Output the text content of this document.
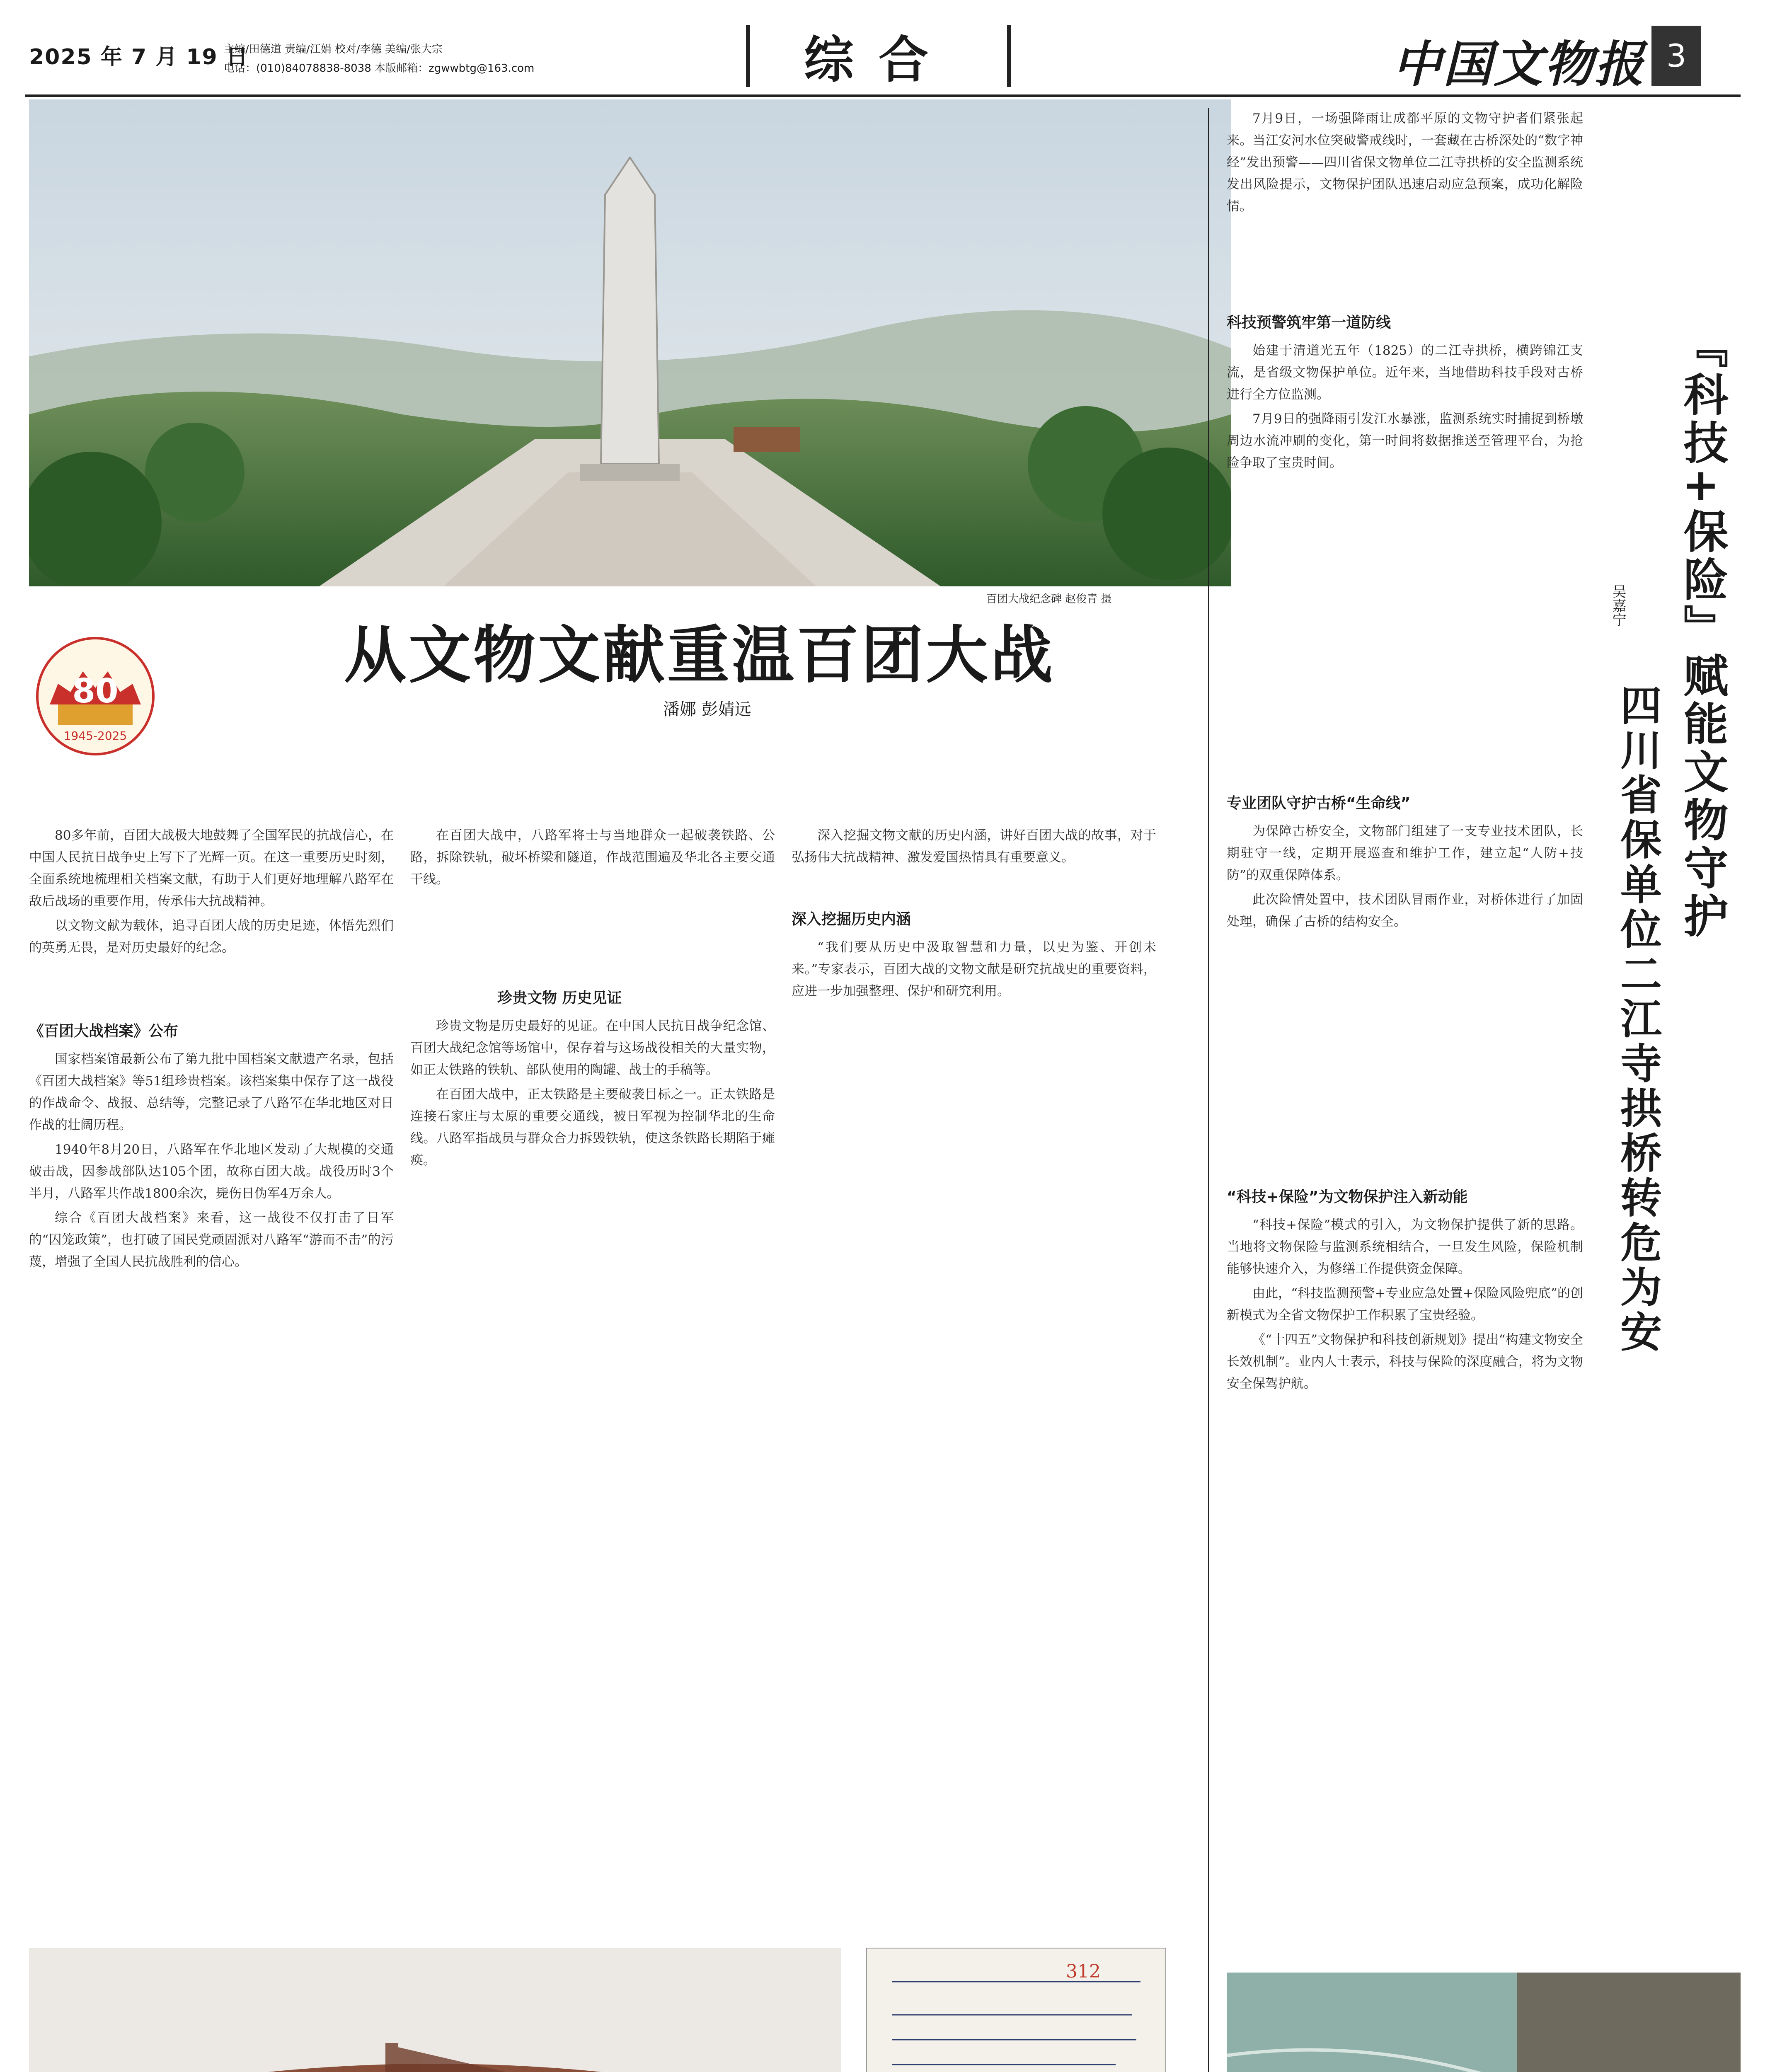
2025 年 7 月 19 日
主编/田德道 责编/江娟 校对/李德 美编/张大宗
电话：(010)84078838-8038 本版邮箱：zgwwbtg@163.com	综合	中国文物报 3
百团大战纪念碑 赵俊青 摄
80
1945-2025
从文物文献重温百团大战
潘娜 彭婧远

80多年前，百团大战极大地鼓舞了全国军民的抗战信心，在中国人民抗日战争史上写下了光辉一页。在这一重要历史时刻，全面系统地梳理相关档案文献，有助于人们更好地理解八路军在敌后战场的重要作用，传承伟大抗战精神。

以文物文献为载体，追寻百团大战的历史足迹，体悟先烈们的英勇无畏，是对历史最好的纪念。

《百团大战档案》公布

国家档案馆最新公布了第九批中国档案文献遗产名录，包括《百团大战档案》等51组珍贵档案。该档案集中保存了这一战役的作战命令、战报、总结等，完整记录了八路军在华北地区对日作战的壮阔历程。

1940年8月20日，八路军在华北地区发动了大规模的交通破击战，因参战部队达105个团，故称百团大战。战役历时3个半月，八路军共作战1800余次，毙伤日伪军4万余人。

综合《百团大战档案》来看，这一战役不仅打击了日军的“囚笼政策”，也打破了国民党顽固派对八路军“游而不击”的污蔑，增强了全国人民抗战胜利的信心。

在百团大战中，八路军将士与当地群众一起破袭铁路、公路，拆除铁轨，破坏桥梁和隧道，作战范围遍及华北各主要交通干线。

珍贵文物 历史见证

珍贵文物是历史最好的见证。在中国人民抗日战争纪念馆、百团大战纪念馆等场馆中，保存着与这场战役相关的大量实物，如正太铁路的铁轨、部队使用的陶罐、战士的手稿等。

在百团大战中，正太铁路是主要破袭目标之一。正太铁路是连接石家庄与太原的重要交通线，被日军视为控制华北的生命线。八路军指战员与群众合力拆毁铁轨，使这条铁路长期陷于瘫痪。

深入挖掘文物文献的历史内涵，讲好百团大战的故事，对于弘扬伟大抗战精神、激发爱国热情具有重要意义。

深入挖掘历史内涵

“我们要从历史中汲取智慧和力量，以史为鉴、开创未来。”专家表示，百团大战的文物文献是研究抗战史的重要资料，应进一步加强整理、保护和研究利用。

312

7月9日，一场强降雨让成都平原的文物守护者们紧张起来。当江安河水位突破警戒线时，一套藏在古桥深处的“数字神经”发出预警——四川省保文物单位二江寺拱桥的安全监测系统发出风险提示，文物保护团队迅速启动应急预案，成功化解险情。

科技预警筑牢第一道防线

始建于清道光五年（1825）的二江寺拱桥，横跨锦江支流，是省级文物保护单位。近年来，当地借助科技手段对古桥进行全方位监测。

7月9日的强降雨引发江水暴涨，监测系统实时捕捉到桥墩周边水流冲刷的变化，第一时间将数据推送至管理平台，为抢险争取了宝贵时间。

专业团队守护古桥“生命线”

为保障古桥安全，文物部门组建了一支专业技术团队，长期驻守一线，定期开展巡查和维护工作，建立起“人防+技防”的双重保障体系。

此次险情处置中，技术团队冒雨作业，对桥体进行了加固处理，确保了古桥的结构安全。

“科技+保险”为文物保护注入新动能

“科技+保险”模式的引入，为文物保护提供了新的思路。当地将文物保险与监测系统相结合，一旦发生风险，保险机制能够快速介入，为修缮工作提供资金保障。

由此，“科技监测预警+专业应急处置+保险风险兜底”的创新模式为全省文物保护工作积累了宝贵经验。

《“十四五”文物保护和科技创新规划》提出“构建文物安全长效机制”。业内人士表示，科技与保险的深度融合，将为文物安全保驾护航。

『科技+保险』赋能文物守护
四川省保单位二江寺拱桥转危为安
吴嘉宁
